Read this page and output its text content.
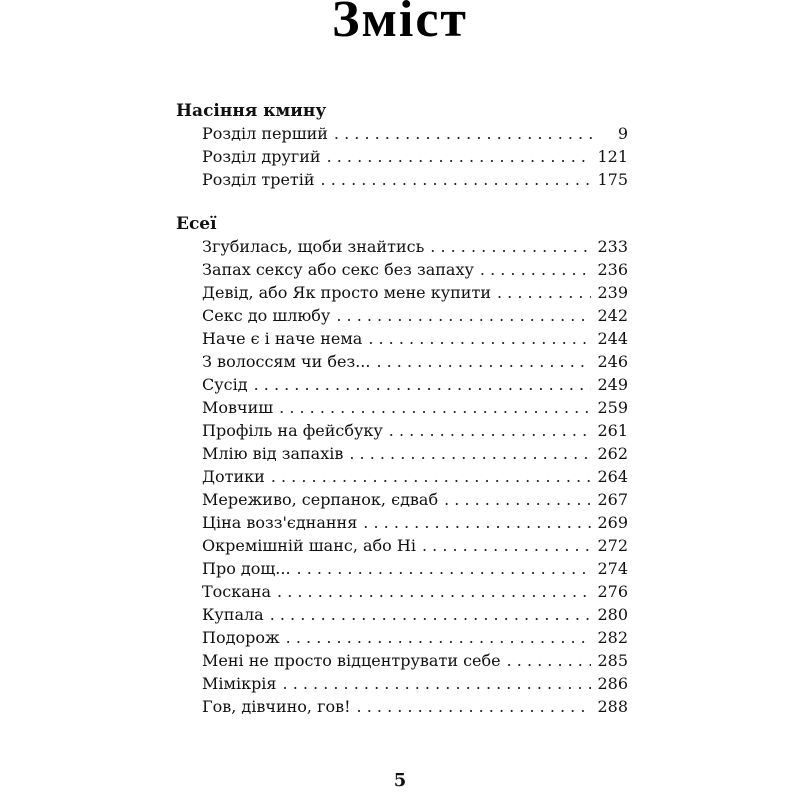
Зміст
Насіння кмину
Розділ перший . . .	9
Розділ другий . . .	121
Розділ третій . . .	175
Есеї
Згубилась, щоби знайтись . . .	233
Запах сексу або секс без запаху . . .	236
Девід, або Як просто мене купити . . .	239
Секс до шлюбу . . .	242
Наче є і наче нема . . .	244
З волоссям чи без... . . .	246
Сусід . . .	249
Мовчиш . . .	259
Профіль на фейсбуку . . .	261
Млію від запахів . . .	262
Дотики . . .	264
Мереживо, серпанок, єдваб . . .	267
Ціна возз'єднання . . .	269
Окремішній шанс, або Ні . . .	272
Про дощ... . . .	274
Тоскана . . .	276
Купала . . .	280
Подорож . . .	282
Мені не просто відцентрувати себе . . .	285
Мімікрія . . .	286
Гов, дівчино, гов! . . .	288
5
